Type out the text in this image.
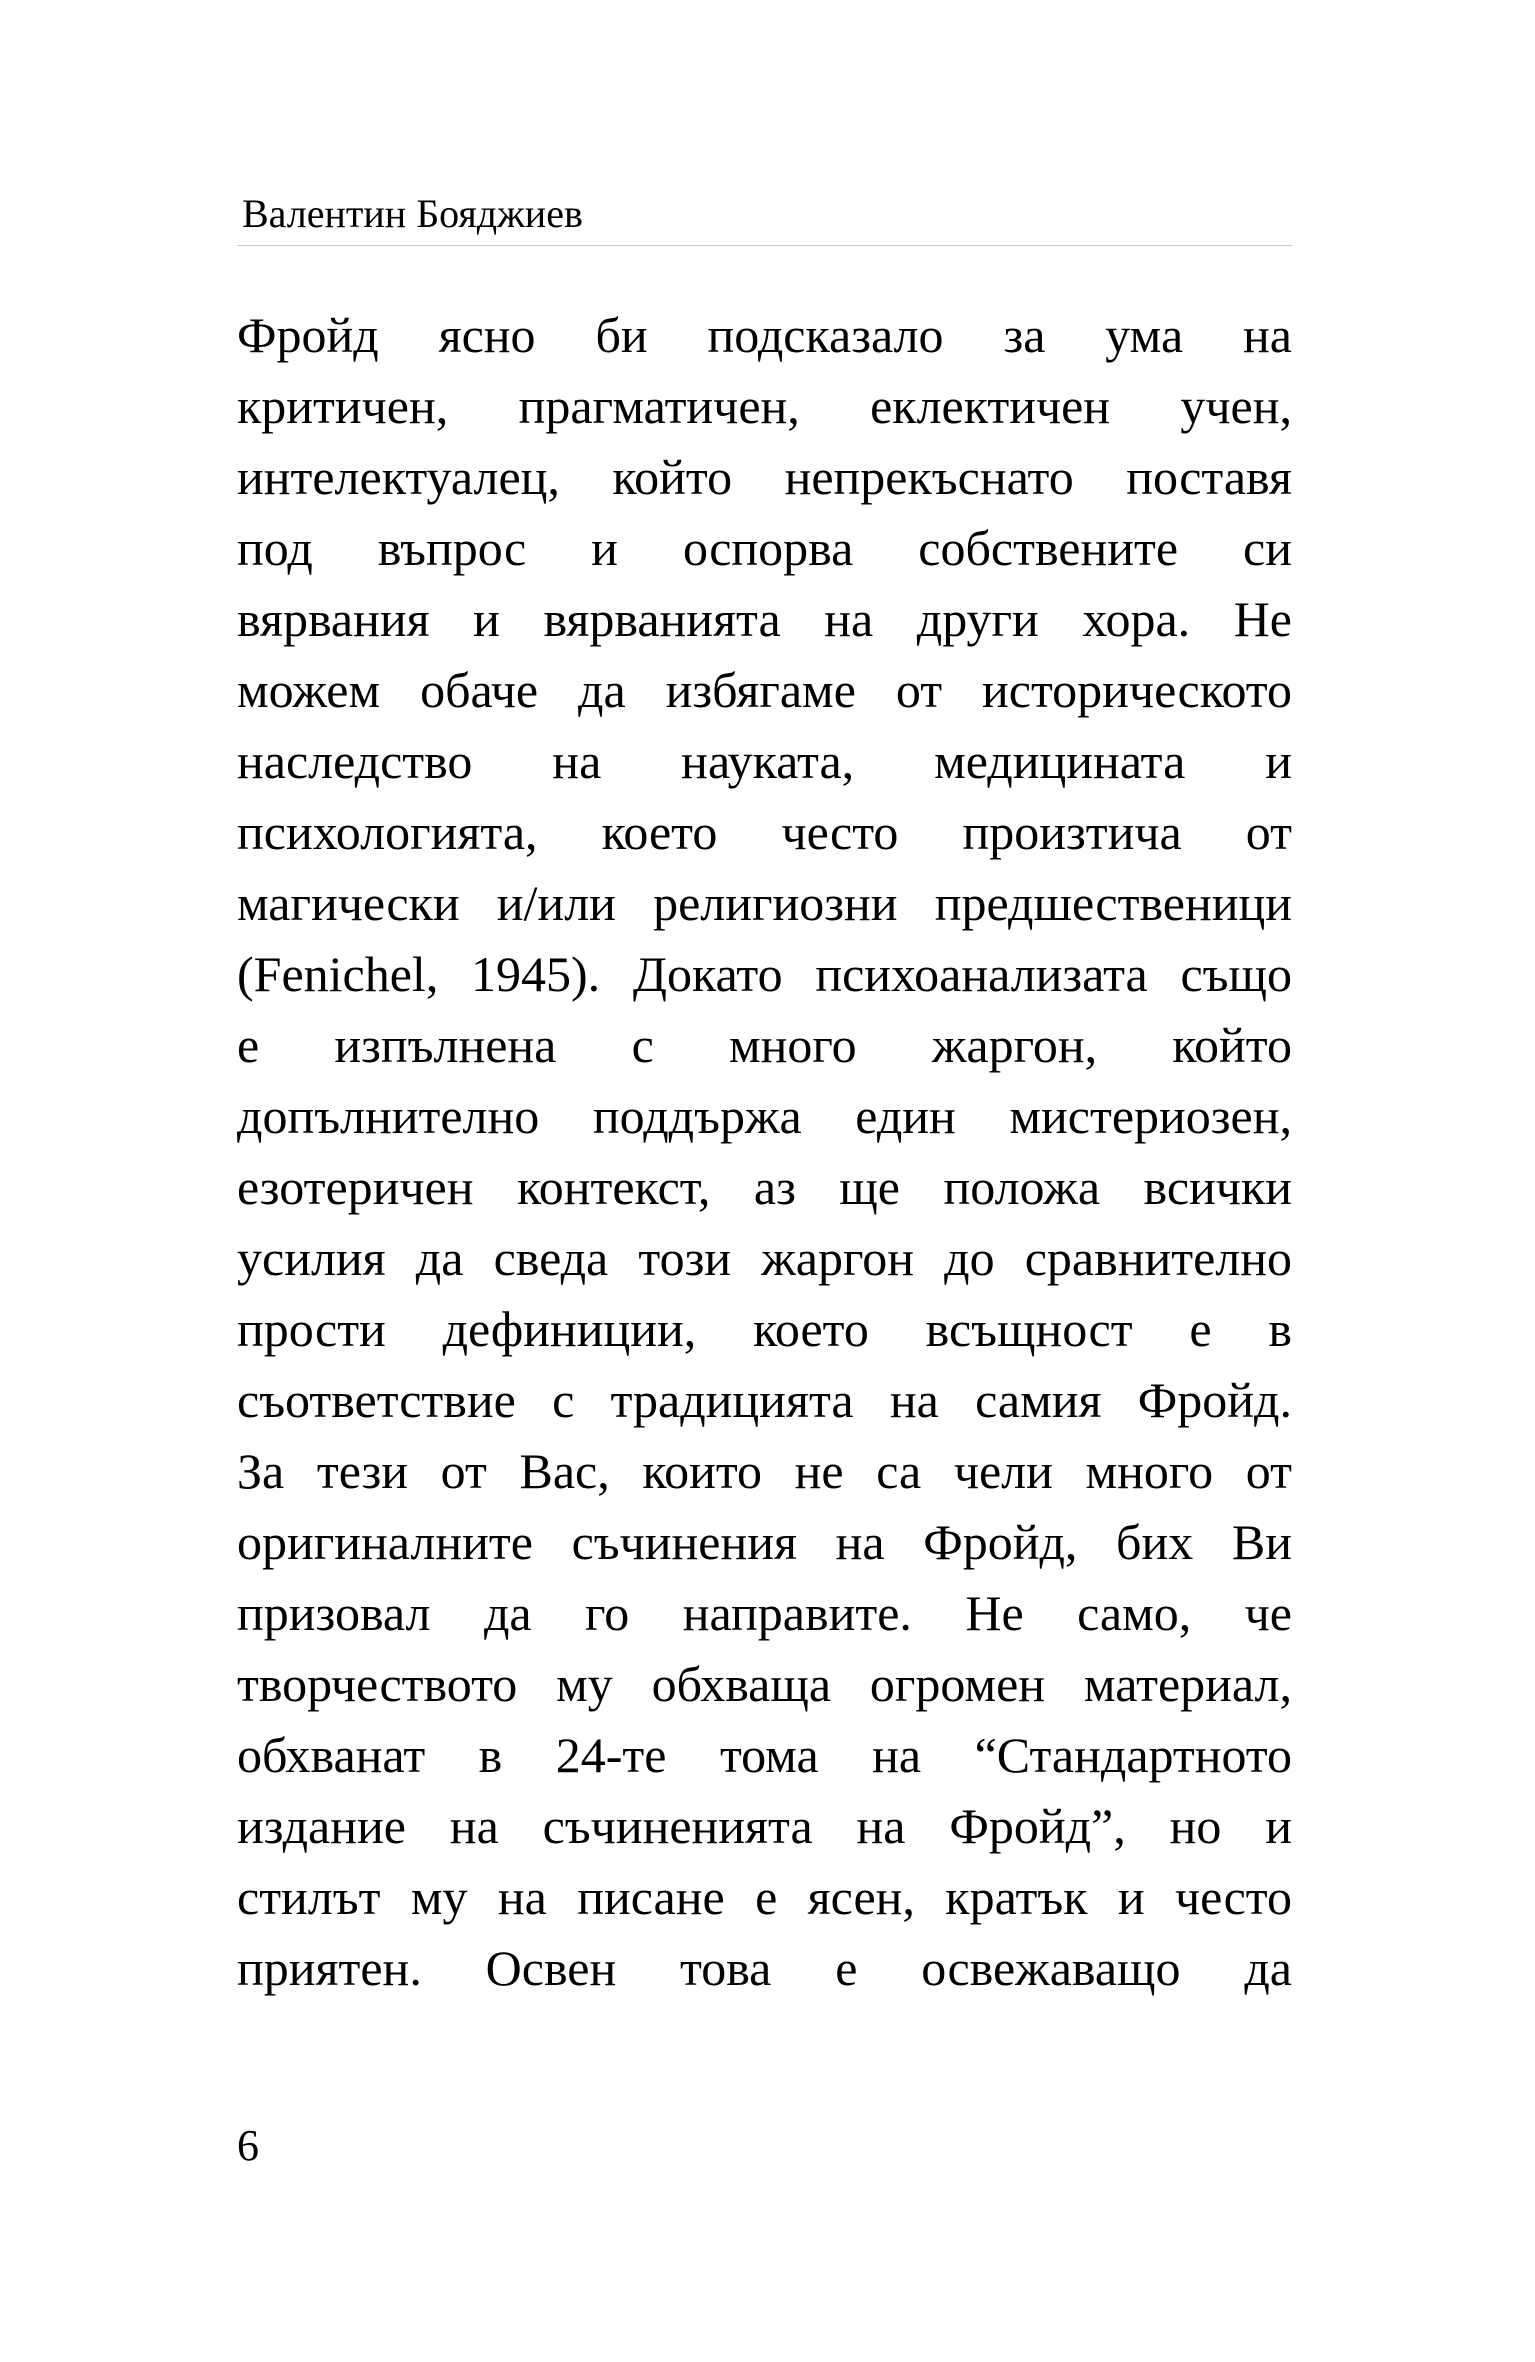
Валентин Бояджиев
Фройд ясно би подсказало за ума на
критичен, прагматичен, еклектичен учен,
интелектуалец, който непрекъснато поставя
под въпрос и оспорва собствените си
вярвания и вярванията на други хора. Не
можем обаче да избягаме от историческото
наследство на науката, медицината и
психологията, което често произтича от
магически и/или религиозни предшественици
(Fenichel, 1945). Докато психоанализата също
е изпълнена с много жаргон, който
допълнително поддържа един мистериозен,
езотеричен контекст, аз ще положа всички
усилия да сведа този жаргон до сравнително
прости дефиниции, което всъщност е в
съответствие с традицията на самия Фройд.
За тези от Вас, които не са чели много от
оригиналните съчинения на Фройд, бих Ви
призовал да го направите. Не само, че
творчеството му обхваща огромен материал,
обхванат в 24-те тома на “Стандартното
издание на съчиненията на Фройд”, но и
стилът му на писане е ясен, кратък и често
приятен. Освен това е освежаващо да
6
